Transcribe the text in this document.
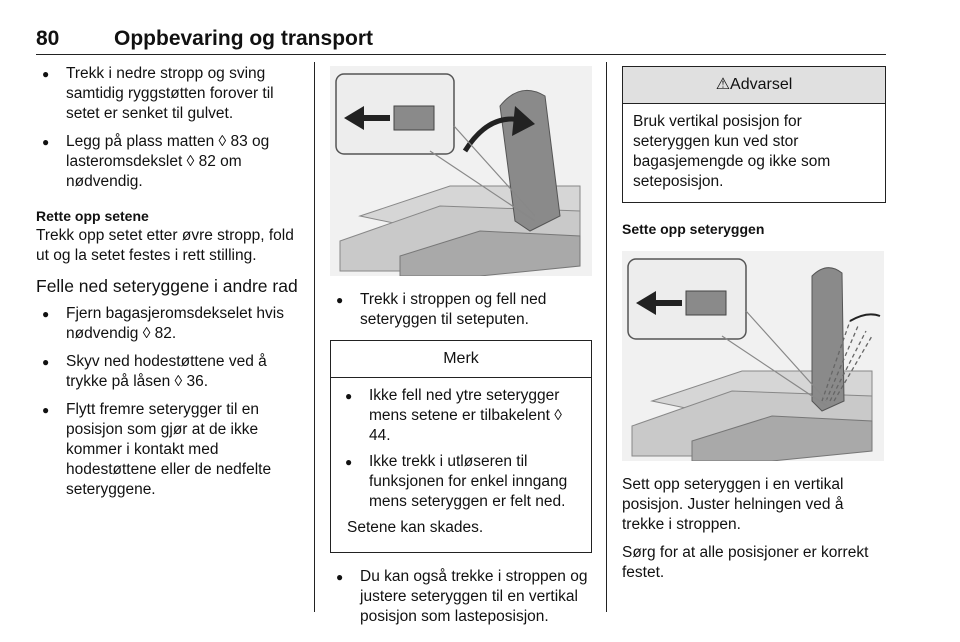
80	Oppbevaring og transport
● Trekk i nedre stropp og sving samtidig ryggstøtten forover til setet er senket til gulvet.
● Legg på plass matten ◊ 83 og lasteromsdekslet ◊ 82 om nødvendig.
Rette opp setene

Trekk opp setet etter øvre stropp, fold ut og la setet festes i rett stilling.

Felle ned seteryggene i andre rad
● Fjern bagasjeromsdekselet hvis nødvendig ◊ 82.
● Skyv ned hodestøttene ved å trykke på låsen ◊ 36.
● Flytt fremre seterygger til en posisjon som gjør at de ikke kommer i kontakt med hodestøttene eller de nedfelte seteryggene.
● Trekk i stroppen og fell ned seteryggen til seteputen.
Merk
● Ikke fell ned ytre seterygger mens setene er tilbakelent ◊ 44.
● Ikke trekk i utløseren til funksjonen for enkel inngang mens seteryggen er felt ned.

Setene kan skades.

● Du kan også trekke i stroppen og justere seteryggen til en vertikal posisjon som lasteposisjon.
⚠Advarsel
Bruk vertikal posisjon for seteryggen kun ved stor bagasjemengde og ikke som seteposisjon.
Sette opp seteryggen

Sett opp seteryggen i en vertikal posisjon. Juster helningen ved å trekke i stroppen.

Sørg for at alle posisjoner er korrekt festet.
